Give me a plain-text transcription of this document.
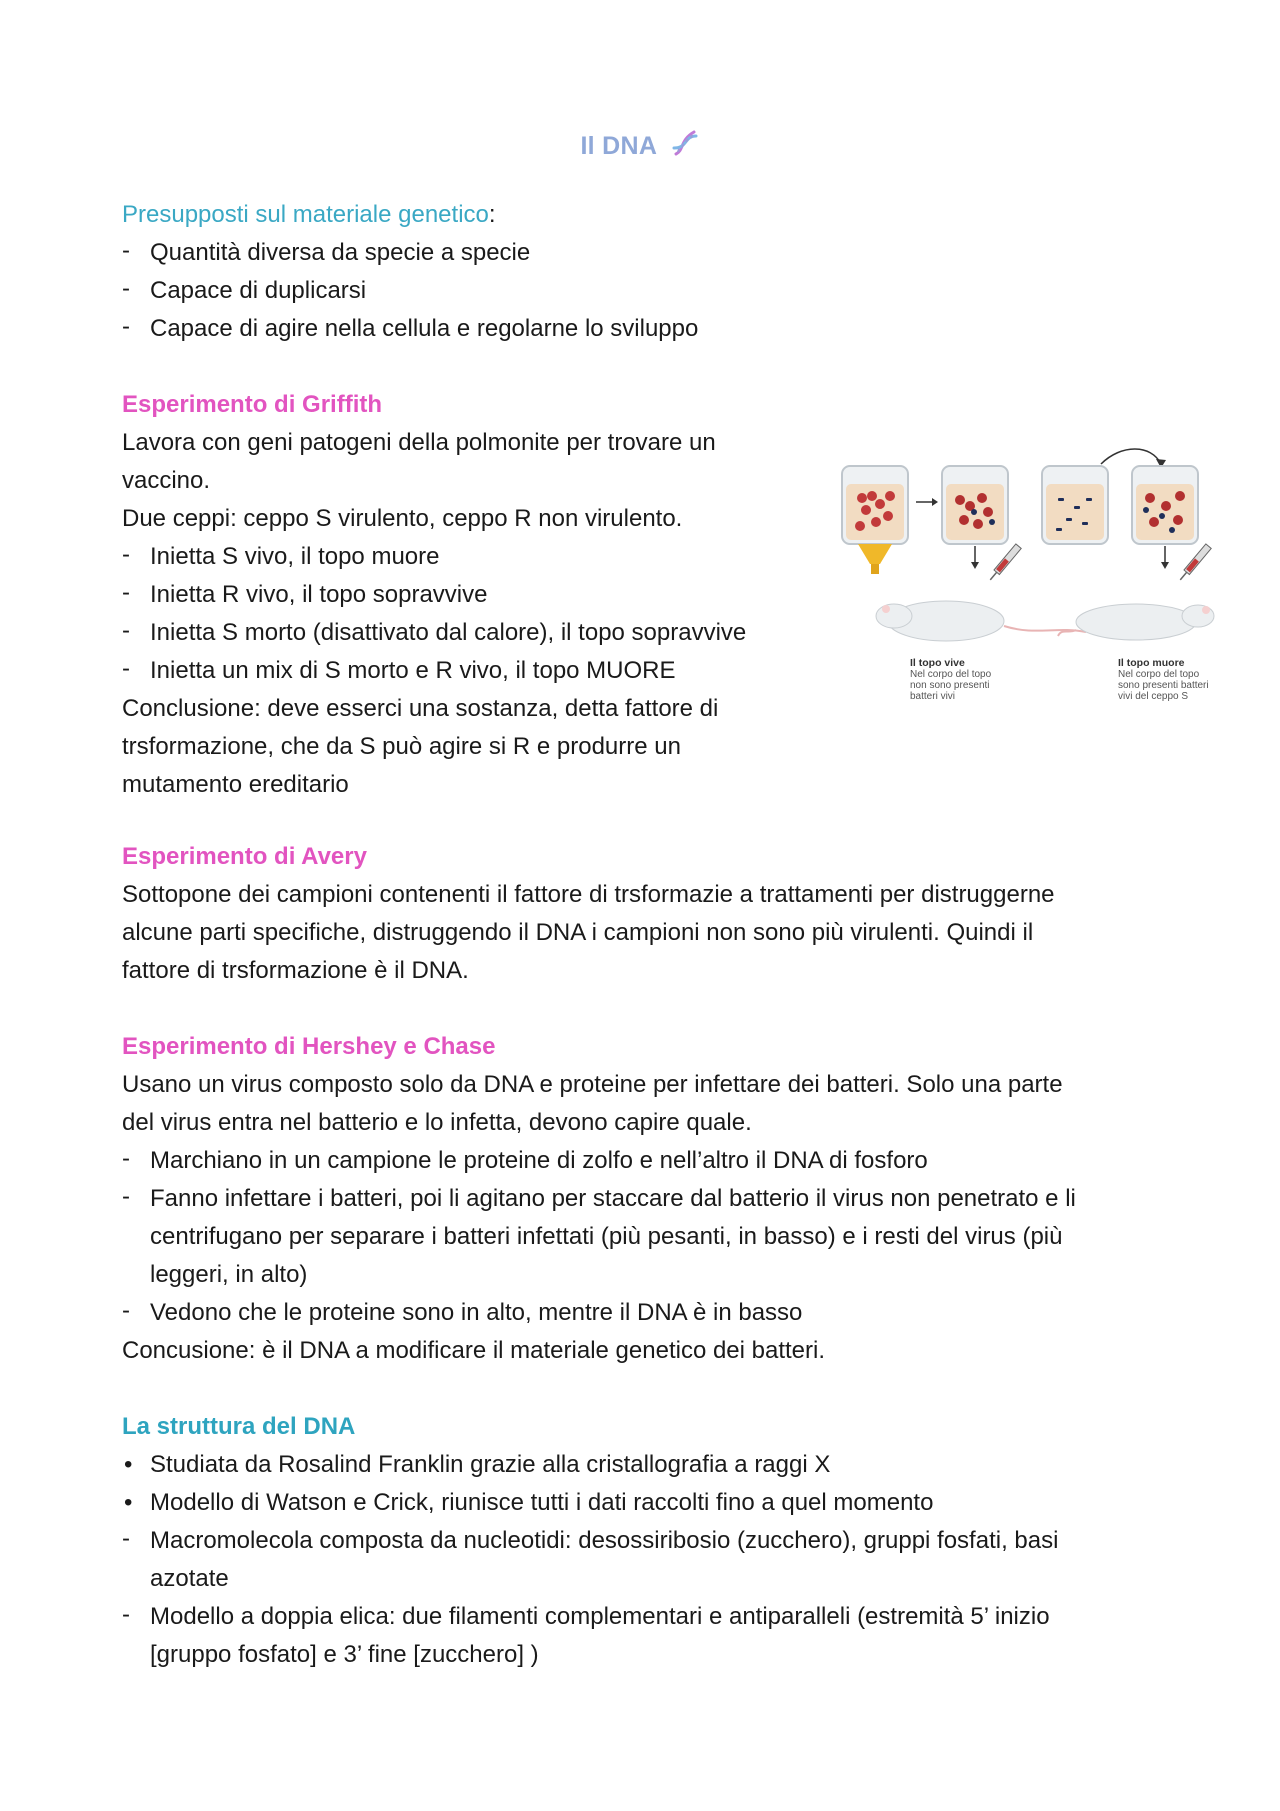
Il DNA
Presupposti sul materiale genetico:
- Quantità diversa da specie a specie
- Capace di duplicarsi
- Capace di agire nella cellula e regolarne lo sviluppo
Esperimento di Griffith
Lavora con geni patogeni della polmonite per trovare un
vaccino.
Due ceppi: ceppo S virulento, ceppo R non virulento.
- Inietta S vivo, il topo muore
- Inietta R vivo, il topo sopravvive
- Inietta S morto (disattivato dal calore), il topo sopravvive
- Inietta un mix di S morto e R vivo, il topo MUORE
Conclusione: deve esserci una sostanza, detta fattore di
trsformazione, che da S può agire si R e produrre un
mutamento ereditario
Il topo vive
Nel corpo del topo
non sono presenti
batteri vivi
Il topo muore
Nel corpo del topo
sono presenti batteri
vivi del ceppo S
Esperimento di Avery
Sottopone dei campioni contenenti il fattore di trsformazie a trattamenti per distruggerne
alcune parti specifiche, distruggendo il DNA i campioni non sono più virulenti. Quindi il
fattore di trsformazione è il DNA.
Esperimento di Hershey e Chase
Usano un virus composto solo da DNA e proteine per infettare dei batteri. Solo una parte
del virus entra nel batterio e lo infetta, devono capire quale.
- Marchiano in un campione le proteine di zolfo e nell’altro il DNA di fosforo
- Fanno infettare i batteri, poi li agitano per staccare dal batterio il virus non penetrato e li
centrifugano per separare i batteri infettati (più pesanti, in basso) e i resti del virus (più
leggeri, in alto)
- Vedono che le proteine sono in alto, mentre il DNA è in basso
Concusione: è il DNA a modificare il materiale genetico dei batteri.
La struttura del DNA
• Studiata da Rosalind Franklin grazie alla cristallografia a raggi X
• Modello di Watson e Crick, riunisce tutti i dati raccolti fino a quel momento
- Macromolecola composta da nucleotidi: desossiribosio (zucchero), gruppi fosfati, basi
azotate
- Modello a doppia elica: due filamenti complementari e antiparalleli (estremità 5’ inizio
[gruppo fosfato] e 3’ fine [zucchero] )
